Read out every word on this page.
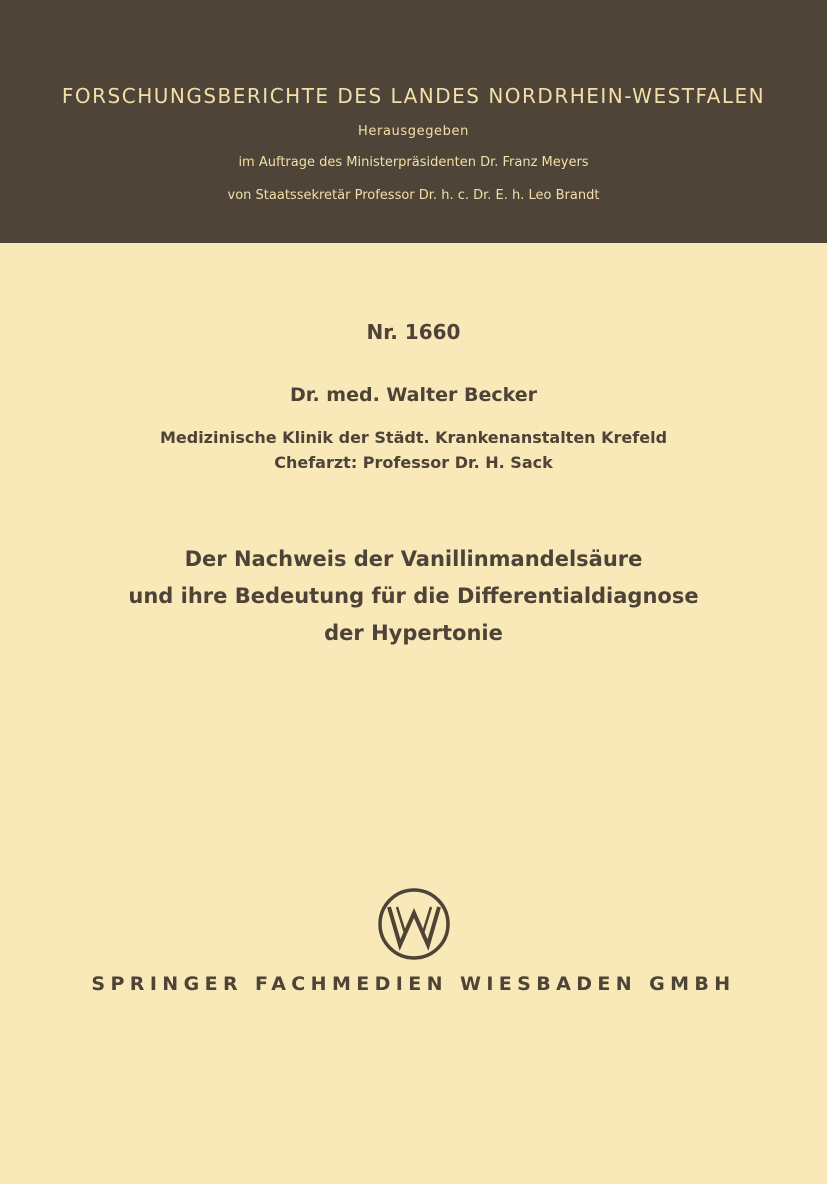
FORSCHUNGSBERICHTE DES LANDES NORDRHEIN-WESTFALEN
Herausgegeben
im Auftrage des Ministerpräsidenten Dr. Franz Meyers
von Staatssekretär Professor Dr. h. c. Dr. E. h. Leo Brandt
Nr. 1660
Dr. med. Walter Becker
Medizinische Klinik der Städt. Krankenanstalten Krefeld
Chefarzt: Professor Dr. H. Sack
Der Nachweis der Vanillinmandelsäure
und ihre Bedeutung für die Differentialdiagnose
der Hypertonie
SPRINGER FACHMEDIEN WIESBADEN GMBH
